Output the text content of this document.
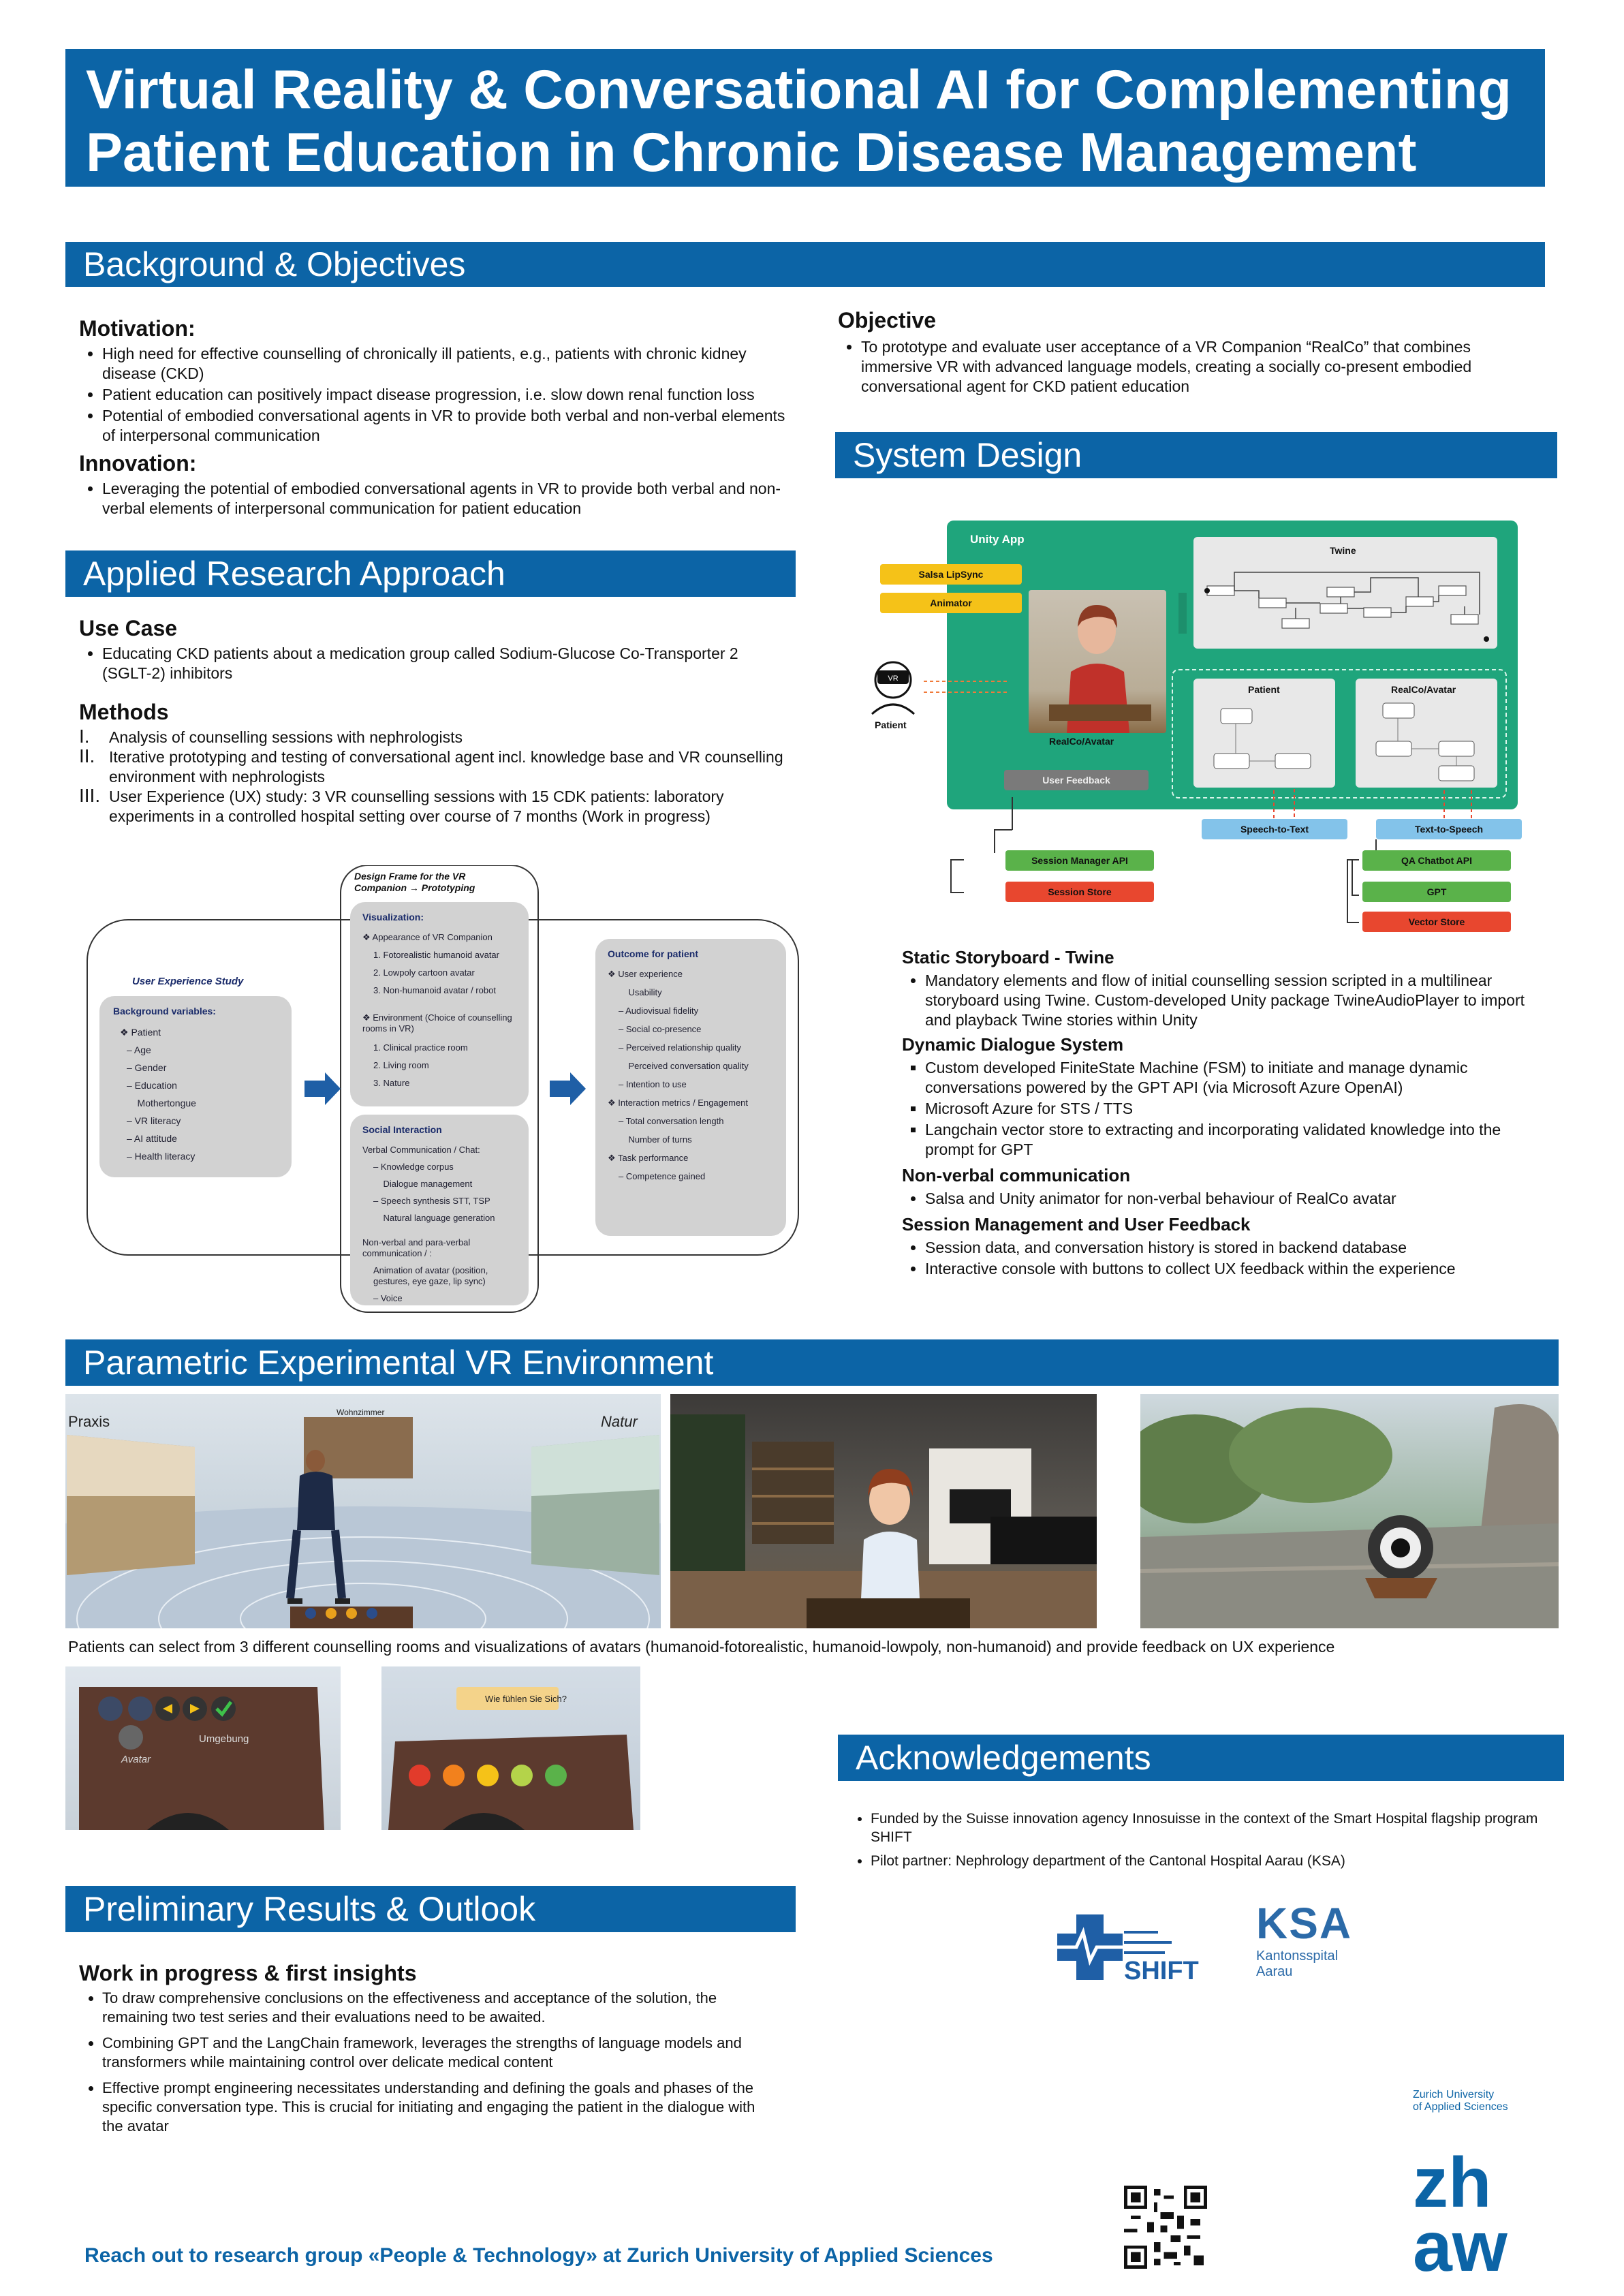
Virtual Reality & Conversational AI for Complementing
Patient Education in Chronic Disease Management
Background & Objectives
Motivation:
• High need for effective counselling of chronically ill patients, e.g., patients with chronic kidney disease (CKD)
• Patient education can positively impact disease progression, i.e. slow down renal function loss
• Potential of embodied conversational agents in VR to provide both verbal and non-verbal elements of interpersonal communication
Innovation:
• Leveraging the potential of embodied conversational agents in VR to provide both verbal and non-verbal elements of interpersonal communication for patient education
Objective
• To prototype and evaluate user acceptance of a VR Companion “RealCo” that combines immersive VR with advanced language models, creating a socially co-present embodied conversational agent for CKD patient education
Applied Research Approach
Use Case
• Educating CKD patients about a medication group called Sodium-Glucose Co-Transporter 2 (SGLT-2) inhibitors
Methods
I. Analysis of counselling sessions with nephrologists
II. Iterative prototyping and testing of conversational agent incl. knowledge base and VR counselling environment with nephrologists
III. User Experience (UX) study: 3 VR counselling sessions with 15 CDK patients: laboratory experiments in a controlled hospital setting over course of 7 months (Work in progress)
Design Frame for the VR Companion → Prototyping
User Experience Study
Background variables:
❖ Patient
– Age
– Gender
– Education
Mothertongue
– VR literacy
– AI attitude
– Health literacy
Visualization:
❖ Appearance of VR Companion
1. Fotorealistic humanoid avatar
2. Lowpoly cartoon avatar
3. Non-humanoid avatar / robot
❖ Environment (Choice of counselling rooms in VR)
1. Clinical practice room
2. Living room
3. Nature
Social Interaction
Verbal Communication / Chat:
– Knowledge corpus
Dialogue management
– Speech synthesis STT, TSP
Natural language generation
Non-verbal and para-verbal communication / :
Animation of avatar (position, gestures, eye gaze, lip sync)
– Voice
Outcome for patient
❖ User experience
Usability
– Audiovisual fidelity
– Social co-presence
– Perceived relationship quality
Perceived conversation quality
– Intention to use
❖ Interaction metrics / Engagement
– Total conversation length
Number of turns
❖ Task performance
– Competence gained
System Design
Unity App
Twine
Salsa LipSync
Animator
RealCo/Avatar
User Feedback
VR
Patient
Patient	RealCo/Avatar
Speech-to-Text	Text-to-Speech
Session Manager API
Session Store
QA Chatbot API
GPT
Vector Store
Static Storyboard - Twine
• Mandatory elements and flow of initial counselling session scripted in a multilinear storyboard using Twine. Custom-developed Unity package TwineAudioPlayer to import and playback Twine stories within Unity
Dynamic Dialogue System
▪ Custom developed FiniteState Machine (FSM) to initiate and manage dynamic conversations powered by the GPT API (via Microsoft Azure OpenAI)
▪ Microsoft Azure for STS / TTS
▪ Langchain vector store to extracting and incorporating validated knowledge into the prompt for GPT
Non-verbal communication
• Salsa and Unity animator for non-verbal behaviour of RealCo avatar
Session Management and User Feedback
• Session data, and conversation history is stored in backend database
• Interactive console with buttons to collect UX feedback within the experience
Parametric Experimental VR Environment
Praxis
Wohnzimmer
Natur
Patients can select from 3 different counselling rooms and visualizations of avatars (humanoid-fotorealistic, humanoid-lowpoly, non-humanoid) and provide feedback on UX experience
Umgebung
Avatar
Wie fühlen Sie Sich?
Acknowledgements
• Funded by the Suisse innovation agency Innosuisse in the context of the Smart Hospital flagship program SHIFT
• Pilot partner: Nephrology department of the Cantonal Hospital Aarau (KSA)
SHIFT
KSA
Kantonsspital
Aarau
Preliminary Results & Outlook
Work in progress & first insights
• To draw comprehensive conclusions on the effectiveness and acceptance of the solution, the remaining two test series and their evaluations need to be awaited.
• Combining GPT and the LangChain framework, leverages the strengths of language models and transformers while maintaining control over delicate medical content
• Effective prompt engineering necessitates understanding and defining the goals and phases of the specific conversation type. This is crucial for initiating and engaging the patient in the dialogue with the avatar
Zurich University
of Applied Sciences
zh
aw
Reach out to research group «People & Technology» at Zurich University of Applied Sciences
